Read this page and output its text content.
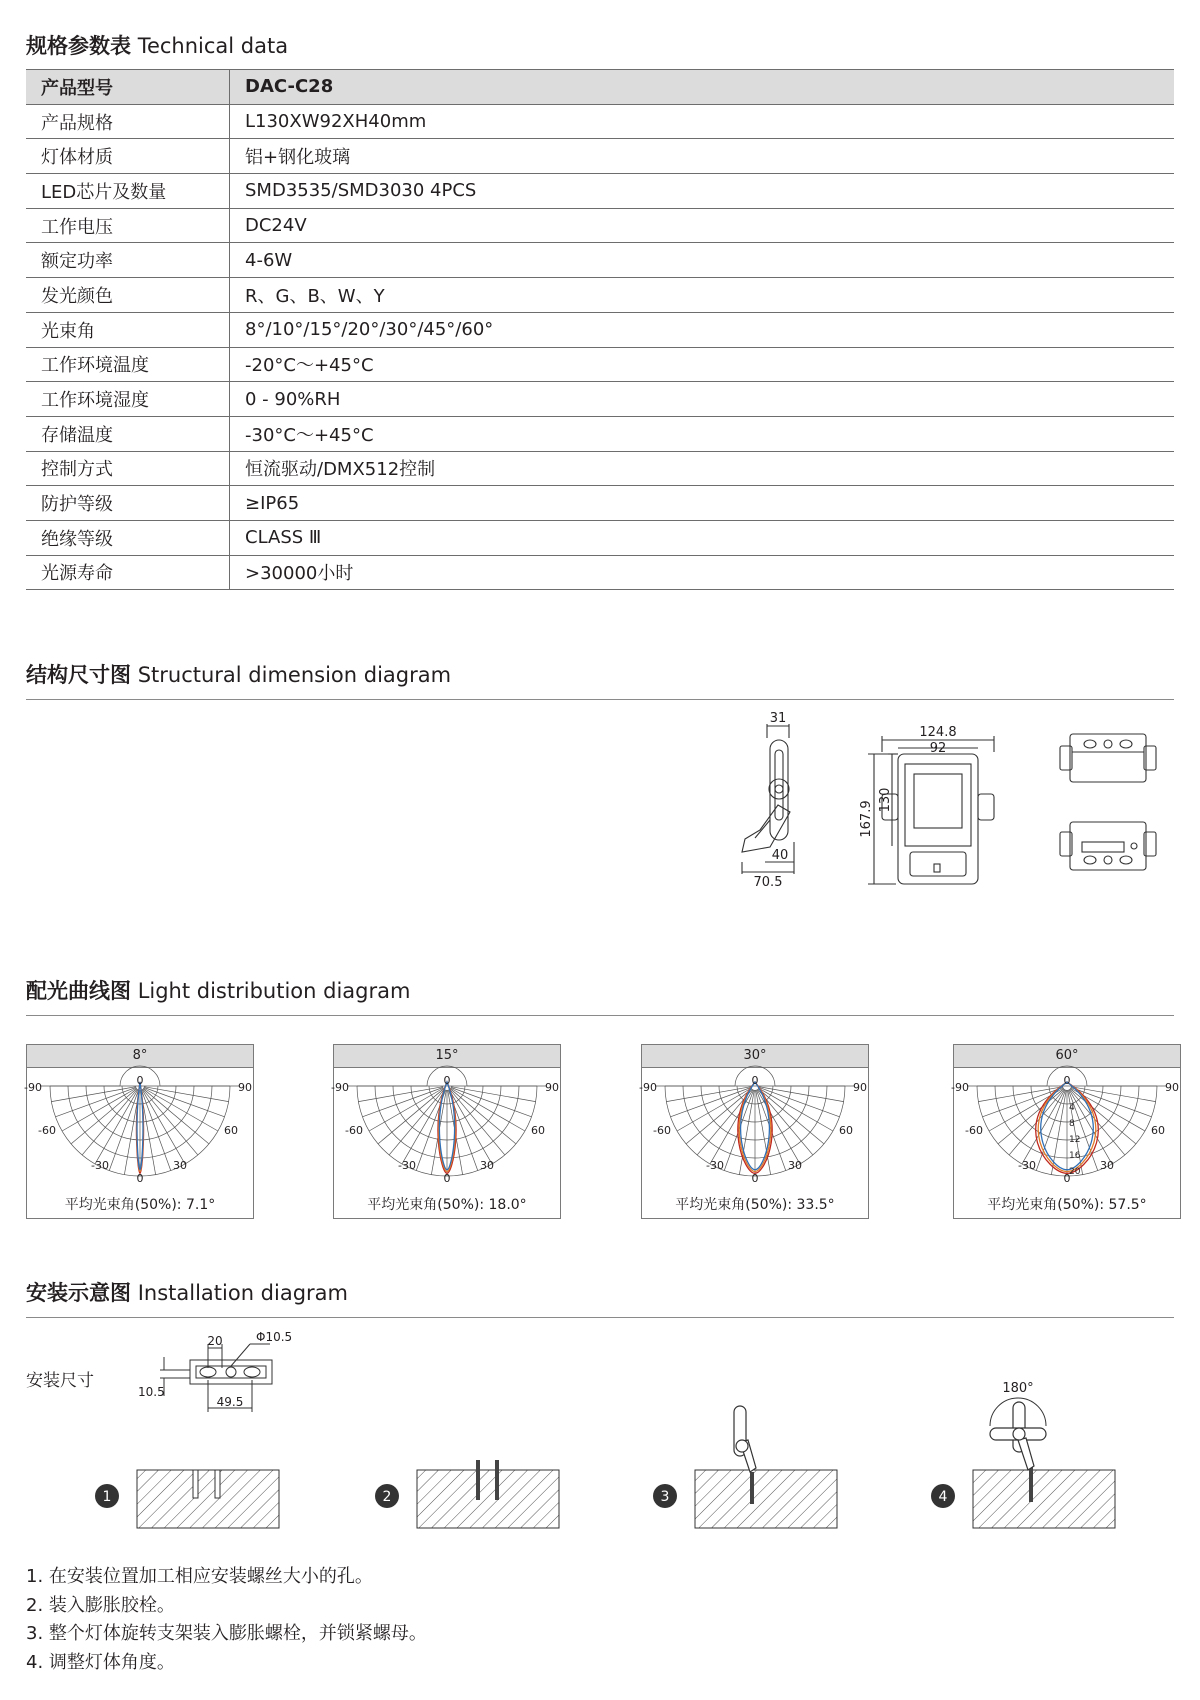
规格参数表 Technical data
产品型号	DAC-C28
产品规格	L130XW92XH40mm
灯体材质	铝+钢化玻璃
LED芯片及数量	SMD3535/SMD3030 4PCS
工作电压	DC24V
额定功率	4-6W
发光颜色	R、G、B、W、Y
光束角	8°/10°/15°/20°/30°/45°/60°
工作环境温度	-20°C～+45°C
工作环境湿度	0 - 90%RH
存储温度	-30°C～+45°C
控制方式	恒流驱动/DMX512控制
防护等级	≥IP65
绝缘等级	CLASS Ⅲ
光源寿命	>30000小时
结构尺寸图 Structural dimension diagram
31
40
70.5
124.8
92
167.9
130
配光曲线图 Light distribution diagram
8°
-90	90
-60	60
-30	30
0
0
平均光束角(50%): 7.1°
15°
-90	90
-60	60
-30	30
0
0
平均光束角(50%): 18.0°
30°
-90	90
-60	60
-30	30
0
0
平均光束角(50%): 33.5°
60°
-90	90
-60	60
-30	30
0
0
4
8
12
16
20
平均光束角(50%): 57.5°
安装示意图 Installation diagram
安装尺寸
20	Φ10.5
10.5
49.5
1	2	3	4
180°
1. 在安装位置加工相应安装螺丝大小的孔。
2. 装入膨胀胶栓。
3. 整个灯体旋转支架装入膨胀螺栓，并锁紧螺母。
4. 调整灯体角度。
